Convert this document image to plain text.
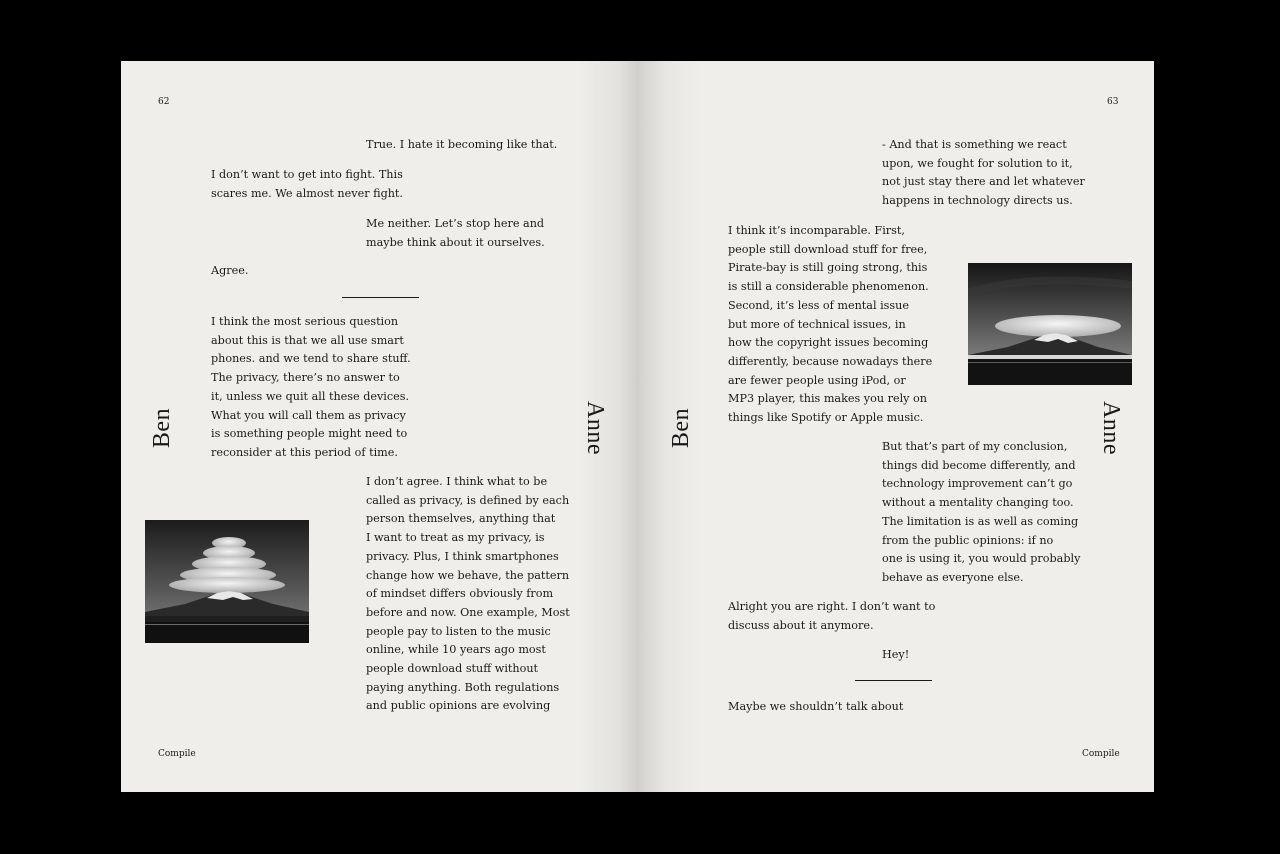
62
Compile
Ben	Anne
True. I hate it becoming like that.
I don’t want to get into fight. This
scares me. We almost never fight.
Me neither. Let’s stop here and
maybe think about it ourselves.
Agree.
I think the most serious question
about this is that we all use smart
phones. and we tend to share stuff.
The privacy, there’s no answer to
it, unless we quit all these devices.
What you will call them as privacy
is something people might need to
reconsider at this period of time.
I don’t agree. I think what to be
called as privacy, is defined by each
person themselves, anything that
I want to treat as my privacy, is
privacy. Plus, I think smartphones
change how we behave, the pattern
of mindset differs obviously from
before and now. One example, Most
people pay to listen to the music
online, while 10 years ago most
people download stuff without
paying anything. Both regulations
and public opinions are evolving
63
Compile
Ben	Anne
- And that is something we react
upon, we fought for solution to it,
not just stay there and let whatever
happens in technology directs us.
I think it’s incomparable. First,
people still download stuff for free,
Pirate-bay is still going strong, this
is still a considerable phenomenon.
Second, it’s less of mental issue
but more of technical issues, in
how the copyright issues becoming
differently, because nowadays there
are fewer people using iPod, or
MP3 player, this makes you rely on
things like Spotify or Apple music.
But that’s part of my conclusion,
things did become differently, and
technology improvement can’t go
without a mentality changing too.
The limitation is as well as coming
from the public opinions: if no
one is using it, you would probably
behave as everyone else.
Alright you are right. I don’t want to
discuss about it anymore.
Hey!
Maybe we shouldn’t talk about
